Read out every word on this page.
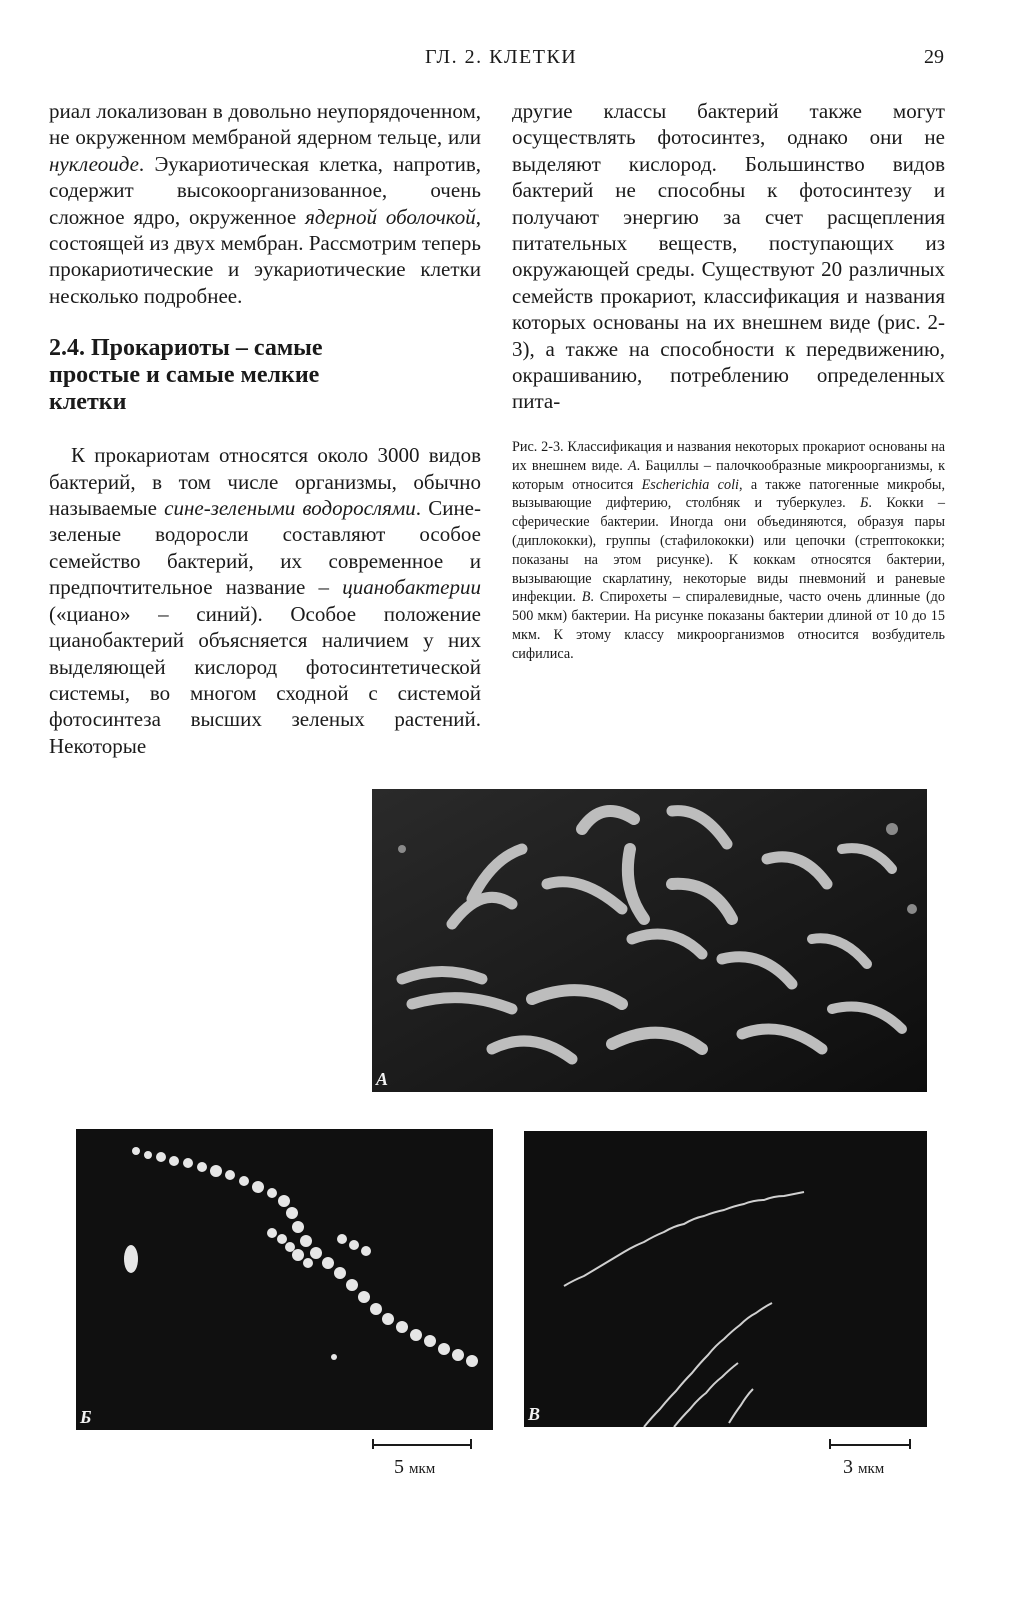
ГЛ. 2. КЛЕТКИ	29

риал локализован в довольно неупорядоченном, не окруженном мембраной ядерном тельце, или нуклеоиде. Эукариотическая клетка, напротив, содержит высокоорганизованное, очень сложное ядро, окруженное ядерной оболочкой, состоящей из двух мембран. Рассмотрим теперь прокариотические и эукариотические клетки несколько подробнее.

2.4. Прокариоты – самые простые и самые мелкие клетки

К прокариотам относятся около 3000 видов бактерий, в том числе организмы, обычно называемые сине-зелеными водорослями. Сине-зеленые водоросли составляют особое семейство бактерий, их современное и предпочтительное название – цианобактерии («циано» – синий). Особое положение цианобактерий объясняется наличием у них выделяющей кислород фотосинтетической системы, во многом сходной с системой фотосинтеза высших зеленых растений. Некоторые

другие классы бактерий также могут осуществлять фотосинтез, однако они не выделяют кислород. Большинство видов бактерий не способны к фотосинтезу и получают энергию за счет расщепления питательных веществ, поступающих из окружающей среды. Существуют 20 различных семейств прокариот, классификация и названия которых основаны на их внешнем виде (рис. 2-3), а также на способности к передвижению, окрашиванию, потреблению определенных пита-

Рис. 2-3. Классификация и названия некоторых прокариот основаны на их внешнем виде. А. Бациллы – палочкообразные микроорганизмы, к которым относится Escherichia coli, а также патогенные микробы, вызывающие дифтерию, столбняк и туберкулез. Б. Кокки – сферические бактерии. Иногда они объединяются, образуя пары (диплококки), группы (стафилококки) или цепочки (стрептококки; показаны на этом рисунке). К коккам относятся бактерии, вызывающие скарлатину, некоторые виды пневмоний и раневые инфекции. В. Спирохеты – спиралевидные, часто очень длинные (до 500 мкм) бактерии. На рисунке показаны бактерии длиной от 10 до 15 мкм. К этому классу микроорганизмов относится возбудитель сифилиса.
А
Б	В
5 мкм	3 мкм
